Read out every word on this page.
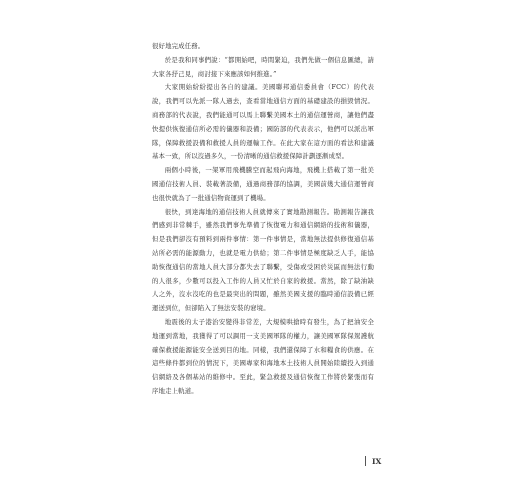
很好地完成任務。

於是我和同事們說：“都開始吧，時間緊迫，我們先做一個信息匯總，請大家各抒己見，商討接下來應該如何推進。”

大家開始紛紛提出各自的建議。美國聯邦通信委員會（FCC）的代表說，我們可以先派一隊人過去，查看當地通信方面的基礎建設的損毀情況。商務部的代表說，我們能通可以馬上聯繫美國本土的通信運營商，讓他們盡快提供恢復通信所必需的儀器和設備；國防部的代表表示，他們可以派出軍隊，保障救援設備和救援人員的運輸工作。在此大家在這方面的看法和建議基本一致，所以沒過多久，一份清晰的通信救援保障計劃逐漸成型。

兩個小時後，一架軍用飛機騰空而起飛向海地，飛機上搭載了第一批美國通信技術人員、裝載著設備，通過商務部的協調，美國前幾大通信運營商也很快就為了一批通信物資運到了機場。

很快，到達海地的通信技術人員就傳來了實地勘測報告。勘測報告讓我們感到非常棘手，雖然我們事先準備了恢復電力和通信網絡的技術和儀器，但是我們卻沒有預料到兩件事情：第一件事情是，當地無法提供修復通信基站所必需的能源動力，也就是電力供給；第二件事情是極度缺乏人手，能協助恢復通信的當地人員大部分都失去了聯繫，受傷或受困於災區而無法行動的人很多，少數可以投入工作的人員又忙於自家的救援。當然，除了缺油缺人之外，沒水沒吃的也是最突出的問題，雖然美國支援的臨時通信設備已經運送到位，但卻陷入了無法安裝的窘境。

地震後的太子港治安變得非常差，大規模哄搶時有發生，為了把油安全地運到當地，我獲得了可以調用一支美國軍隊的權力，讓美國軍隊保駕護航確保救援能源能安全送到目的地。同樣，我們還保障了水和糧食的供應。在這些條件都到位的情況下，美國專家和海地本土技術人員開始陸續投入到通信網絡及各個基站的維修中。至此，緊急救援及通信恢復工作將於緊張而有序地走上軌道。

IX
